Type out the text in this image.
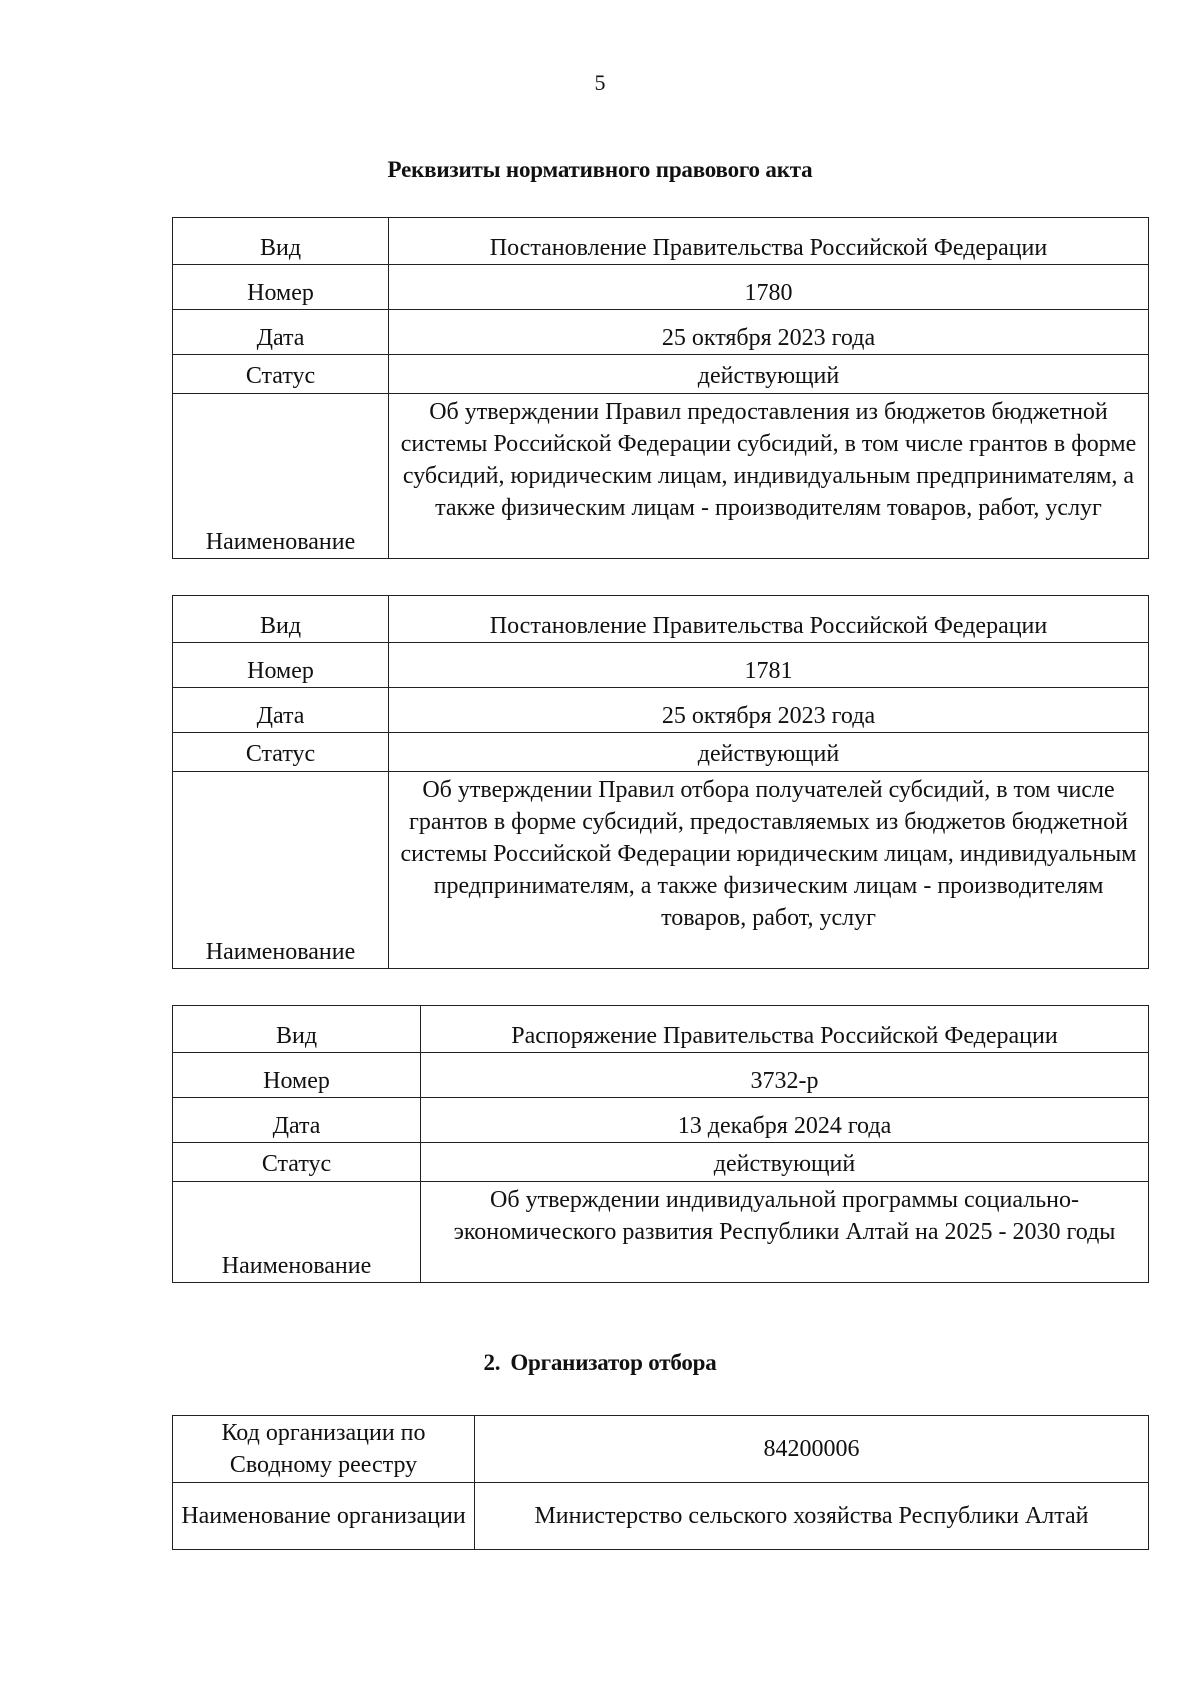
5
Реквизиты нормативного правового акта
Вид	Постановление Правительства Российской Федерации
Номер	1780
Дата	25 октября 2023 года
Статус	действующий
Наименование	Об утверждении Правил предоставления из бюджетов бюджетной системы Российской Федерации субсидий, в том числе грантов в форме субсидий, юридическим лицам, индивидуальным предпринимателям, а также физическим лицам - производителям товаров, работ, услуг
Вид	Постановление Правительства Российской Федерации
Номер	1781
Дата	25 октября 2023 года
Статус	действующий
Наименование	Об утверждении Правил отбора получателей субсидий, в том числе грантов в форме субсидий, предоставляемых из бюджетов бюджетной системы Российской Федерации юридическим лицам, индивидуальным предпринимателям, а также физическим лицам - производителям товаров, работ, услуг
Вид	Распоряжение Правительства Российской Федерации
Номер	3732-р
Дата	13 декабря 2024 года
Статус	действующий
Наименование	Об утверждении индивидуальной программы социально-экономического развития Республики Алтай на 2025 - 2030 годы
2. Организатор отбора
Код организации по Сводному реестру	84200006
Наименование организации	Министерство сельского хозяйства Республики Алтай
